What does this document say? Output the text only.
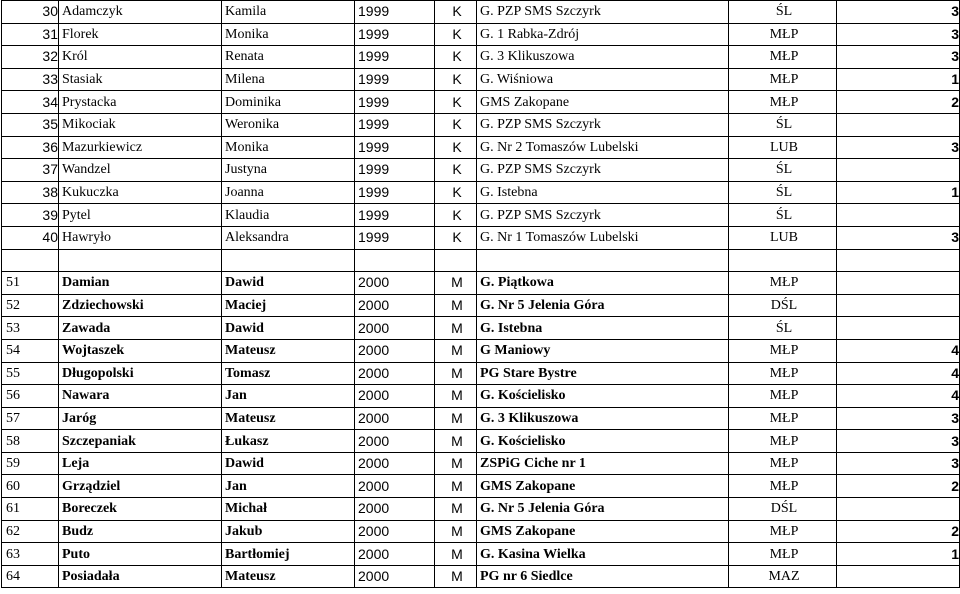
30	Adamczyk	Kamila	1999	K	G. PZP SMS Szczyrk	ŚL	3
31	Florek	Monika	1999	K	G. 1 Rabka-Zdrój	MŁP	3
32	Król	Renata	1999	K	G. 3 Klikuszowa	MŁP	3
33	Stasiak	Milena	1999	K	G. Wiśniowa	MŁP	1
34	Prystacka	Dominika	1999	K	GMS Zakopane	MŁP	2
35	Mikociak	Weronika	1999	K	G. PZP SMS Szczyrk	ŚL	
36	Mazurkiewicz	Monika	1999	K	G. Nr 2 Tomaszów Lubelski	LUB	3
37	Wandzel	Justyna	1999	K	G. PZP SMS Szczyrk	ŚL	
38	Kukuczka	Joanna	1999	K	G. Istebna	ŚL	1
39	Pytel	Klaudia	1999	K	G. PZP SMS Szczyrk	ŚL	
40	Hawryło	Aleksandra	1999	K	G. Nr 1 Tomaszów Lubelski	LUB	3

51	Damian	Dawid	2000	M	G. Piątkowa	MŁP	
52	Zdziechowski	Maciej	2000	M	G. Nr 5 Jelenia Góra	DŚL	
53	Zawada	Dawid	2000	M	G. Istebna	ŚL	
54	Wojtaszek	Mateusz	2000	M	G Maniowy	MŁP	4
55	Długopolski	Tomasz	2000	M	PG Stare Bystre	MŁP	4
56	Nawara	Jan	2000	M	G. Kościelisko	MŁP	4
57	Jaróg	Mateusz	2000	M	G. 3 Klikuszowa	MŁP	3
58	Szczepaniak	Łukasz	2000	M	G. Kościelisko	MŁP	3
59	Leja	Dawid	2000	M	ZSPiG Ciche nr 1	MŁP	3
60	Grządziel	Jan	2000	M	GMS Zakopane	MŁP	2
61	Boreczek	Michał	2000	M	G. Nr 5 Jelenia Góra	DŚL	
62	Budz	Jakub	2000	M	GMS Zakopane	MŁP	2
63	Puto	Bartłomiej	2000	M	G. Kasina Wielka	MŁP	1
64	Posiadała	Mateusz	2000	M	PG nr 6 Siedlce	MAZ	
